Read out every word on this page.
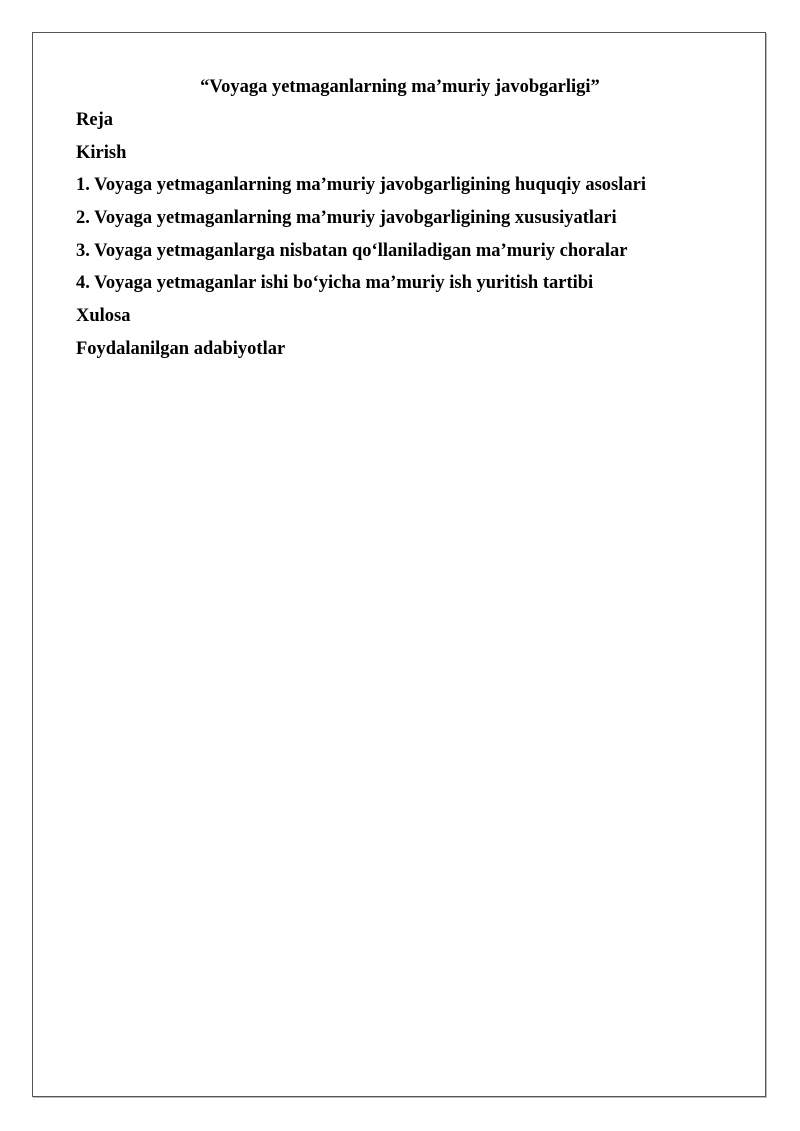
“Voyaga yetmaganlarning ma’muriy javobgarligi”
Reja
Kirish
1. Voyaga yetmaganlarning ma’muriy javobgarligining huquqiy asoslari
2. Voyaga yetmaganlarning ma’muriy javobgarligining xususiyatlari
3. Voyaga yetmaganlarga nisbatan qo‘llaniladigan ma’muriy choralar
4. Voyaga yetmaganlar ishi bo‘yicha ma’muriy ish yuritish tartibi
Xulosa
Foydalanilgan adabiyotlar
